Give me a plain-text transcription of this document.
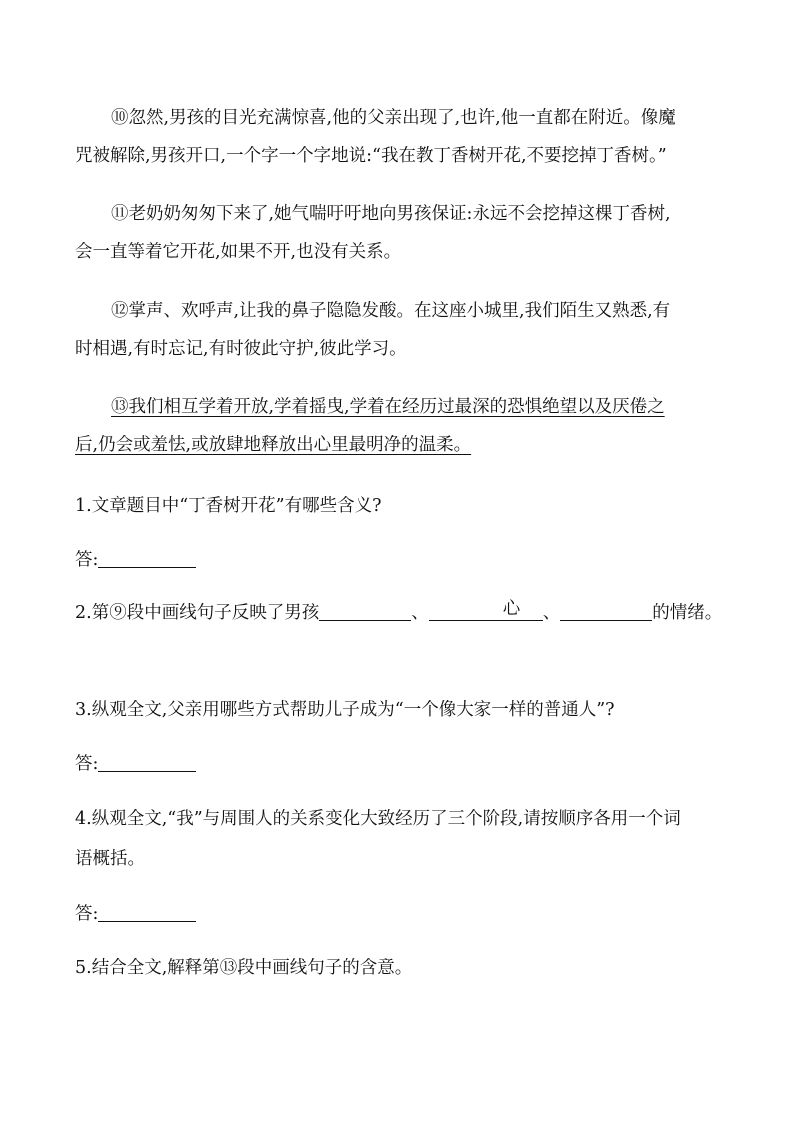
⑩忽然,男孩的目光充满惊喜,他的父亲出现了,也许,他一直都在附近。像魔
咒被解除,男孩开口,一个字一个字地说:“我在教丁香树开花,不要挖掉丁香树。”

⑪老奶奶匆匆下来了,她气喘吁吁地向男孩保证:永远不会挖掉这棵丁香树,
会一直等着它开花,如果不开,也没有关系。

⑫掌声、欢呼声,让我的鼻子隐隐发酸。在这座小城里,我们陌生又熟悉,有
时相遇,有时忘记,有时彼此守护,彼此学习。

⑬我们相互学着开放,学着摇曳,学着在经历过最深的恐惧绝望以及厌倦之
后,仍会或羞怯,或放肆地释放出心里最明净的温柔。

1.文章题目中“丁香树开花”有哪些含义?

答:

2.第⑨段中画线句子反映了男孩	、	心 、	的情绪。

3.纵观全文,父亲用哪些方式帮助儿子成为“一个像大家一样的普通人”?

答:

4.纵观全文,“我”与周围人的关系变化大致经历了三个阶段,请按顺序各用一个词
语概括。

答:

5.结合全文,解释第⑬段中画线句子的含意。
